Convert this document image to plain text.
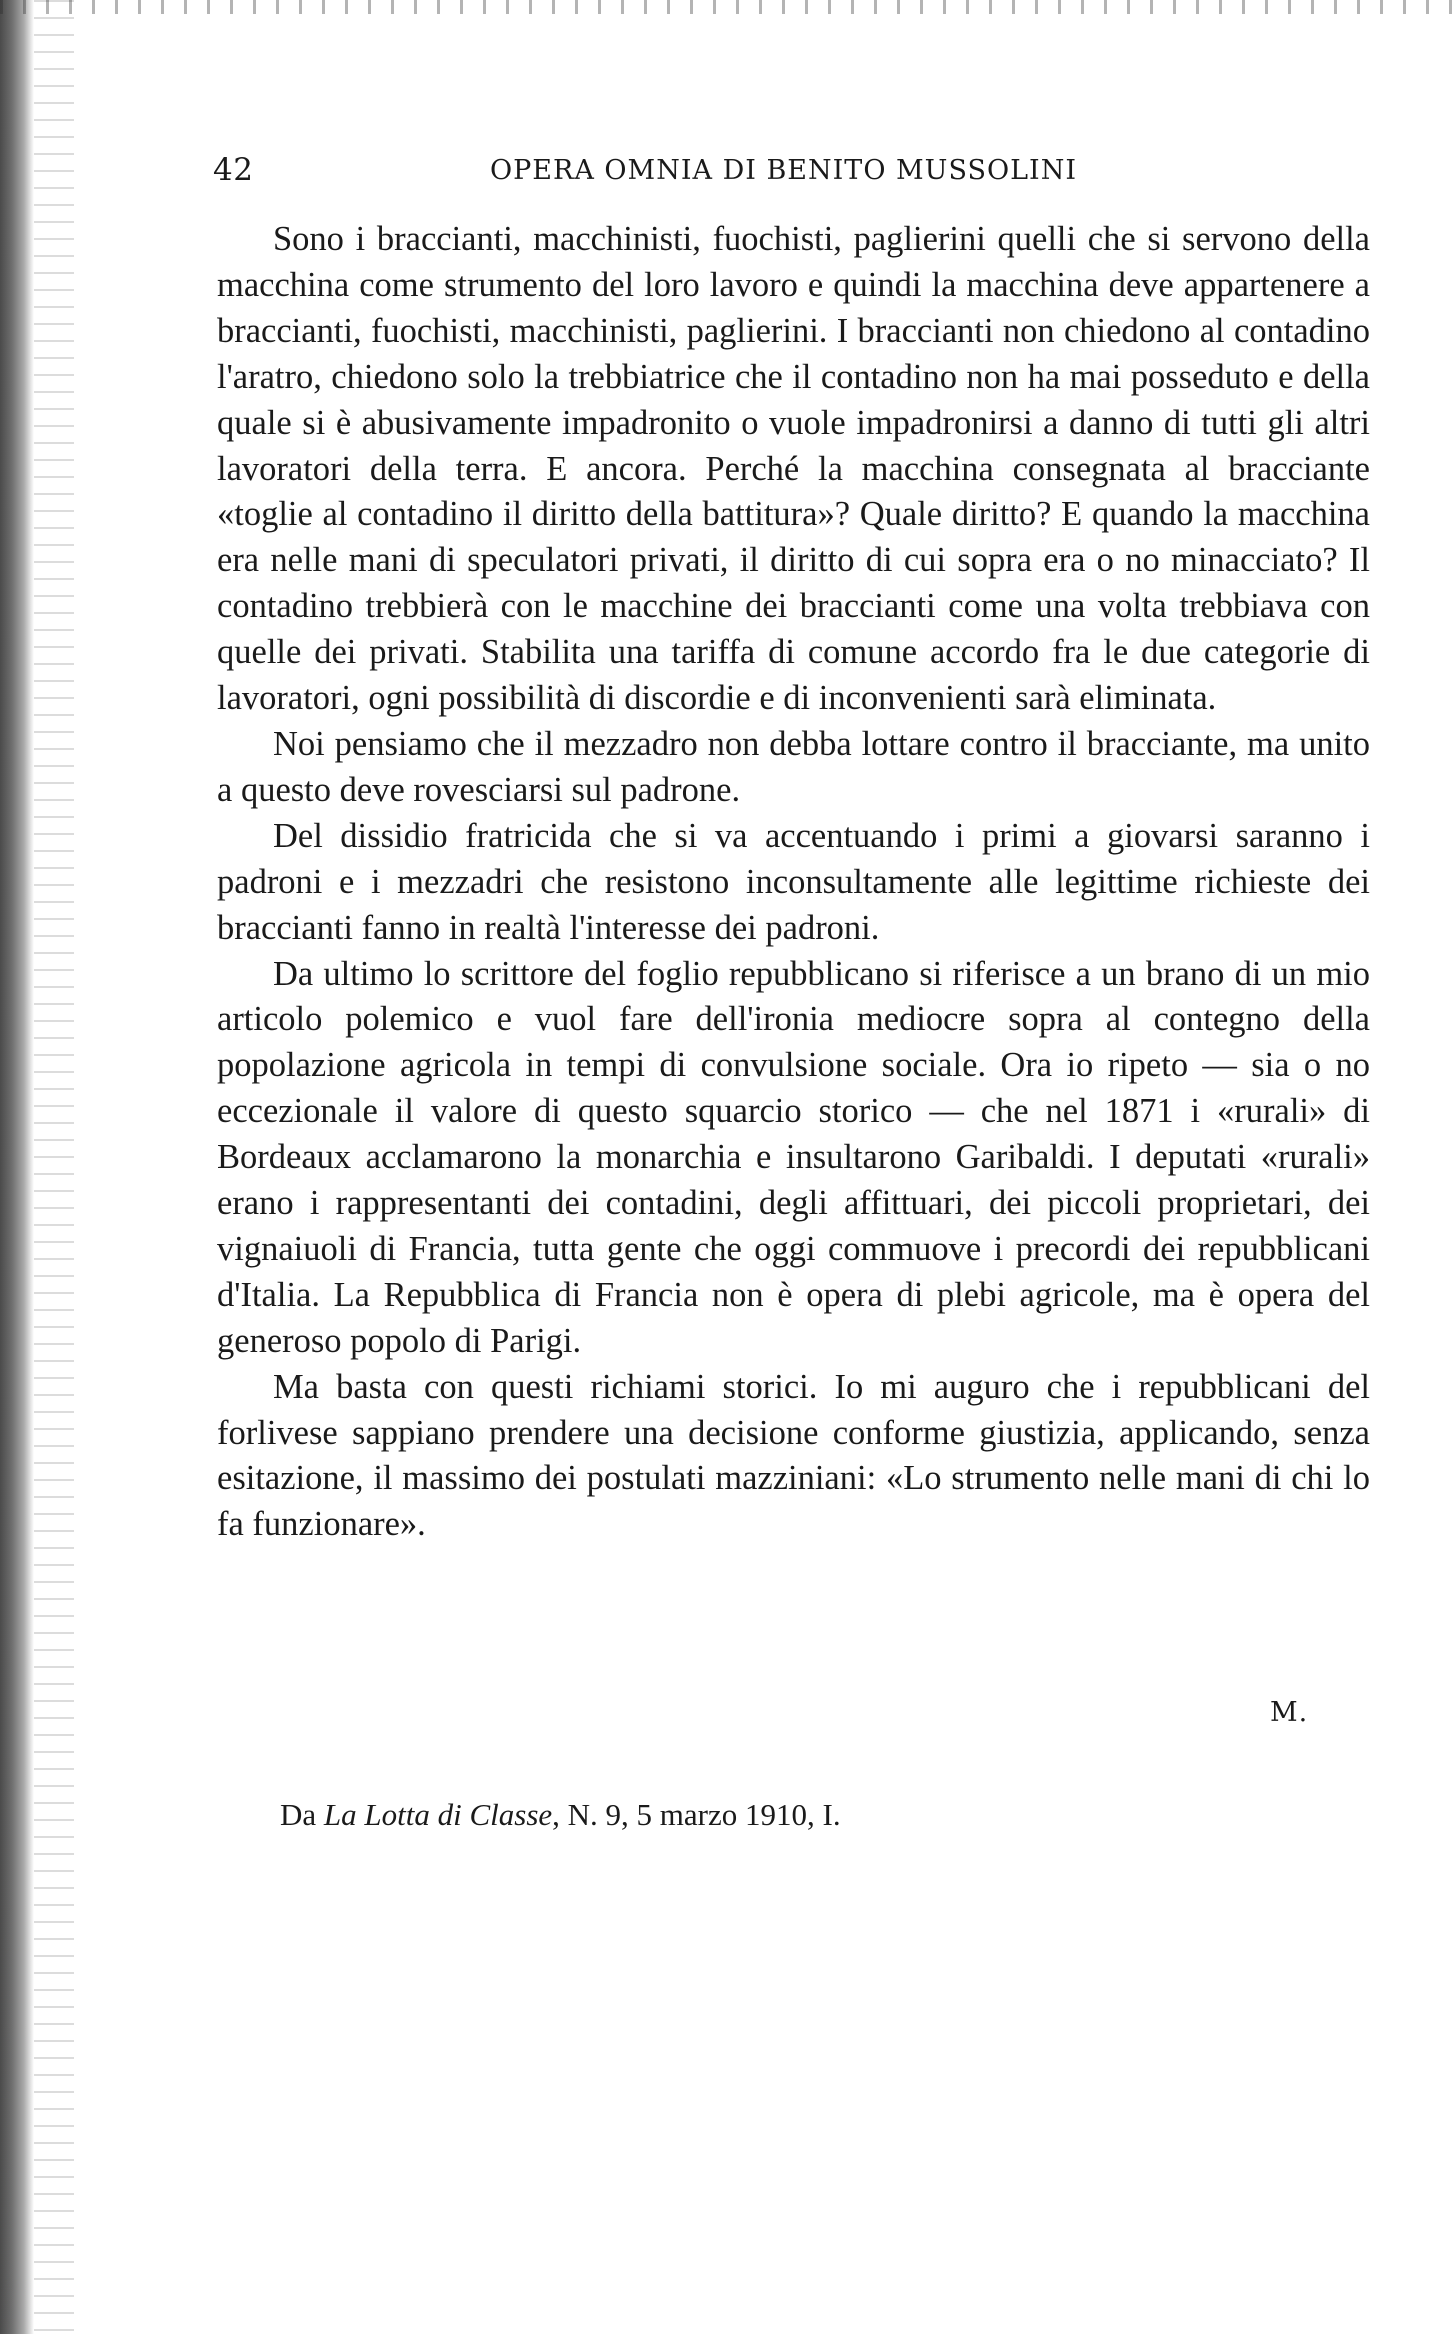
42	OPERA OMNIA DI BENITO MUSSOLINI

Sono i braccianti, macchinisti, fuochisti, paglierini quelli che si servono della macchina come strumento del loro lavoro e quindi la macchina deve appartenere a braccianti, fuochisti, macchinisti, paglierini. I braccianti non chiedono al contadino l'aratro, chiedono solo la trebbiatrice che il contadino non ha mai posseduto e della quale si è abusivamente impadronito o vuole impadronirsi a danno di tutti gli altri lavoratori della terra. E ancora. Perché la macchina consegnata al bracciante «toglie al contadino il diritto della battitura»? Quale diritto? E quando la macchina era nelle mani di speculatori privati, il diritto di cui sopra era o no minacciato? Il contadino trebbierà con le macchine dei braccianti come una volta trebbiava con quelle dei privati. Stabilita una tariffa di comune accordo fra le due categorie di lavoratori, ogni possibilità di discordie e di inconvenienti sarà eliminata.

Noi pensiamo che il mezzadro non debba lottare contro il bracciante, ma unito a questo deve rovesciarsi sul padrone.

Del dissidio fratricida che si va accentuando i primi a giovarsi saranno i padroni e i mezzadri che resistono inconsultamente alle legittime richieste dei braccianti fanno in realtà l'interesse dei padroni.

Da ultimo lo scrittore del foglio repubblicano si riferisce a un brano di un mio articolo polemico e vuol fare dell'ironia mediocre sopra al contegno della popolazione agricola in tempi di convulsione sociale. Ora io ripeto — sia o no eccezionale il valore di questo squarcio storico — che nel 1871 i «rurali» di Bordeaux acclamarono la monarchia e insultarono Garibaldi. I deputati «rurali» erano i rappresentanti dei contadini, degli affittuari, dei piccoli proprietari, dei vignaiuoli di Francia, tutta gente che oggi commuove i precordi dei repubblicani d'Italia. La Repubblica di Francia non è opera di plebi agricole, ma è opera del generoso popolo di Parigi.

Ma basta con questi richiami storici. Io mi auguro che i repubblicani del forlivese sappiano prendere una decisione conforme giustizia, applicando, senza esitazione, il massimo dei postulati mazziniani: «Lo strumento nelle mani di chi lo fa funzionare».

M.
Da La Lotta di Classe, N. 9, 5 marzo 1910, I.
